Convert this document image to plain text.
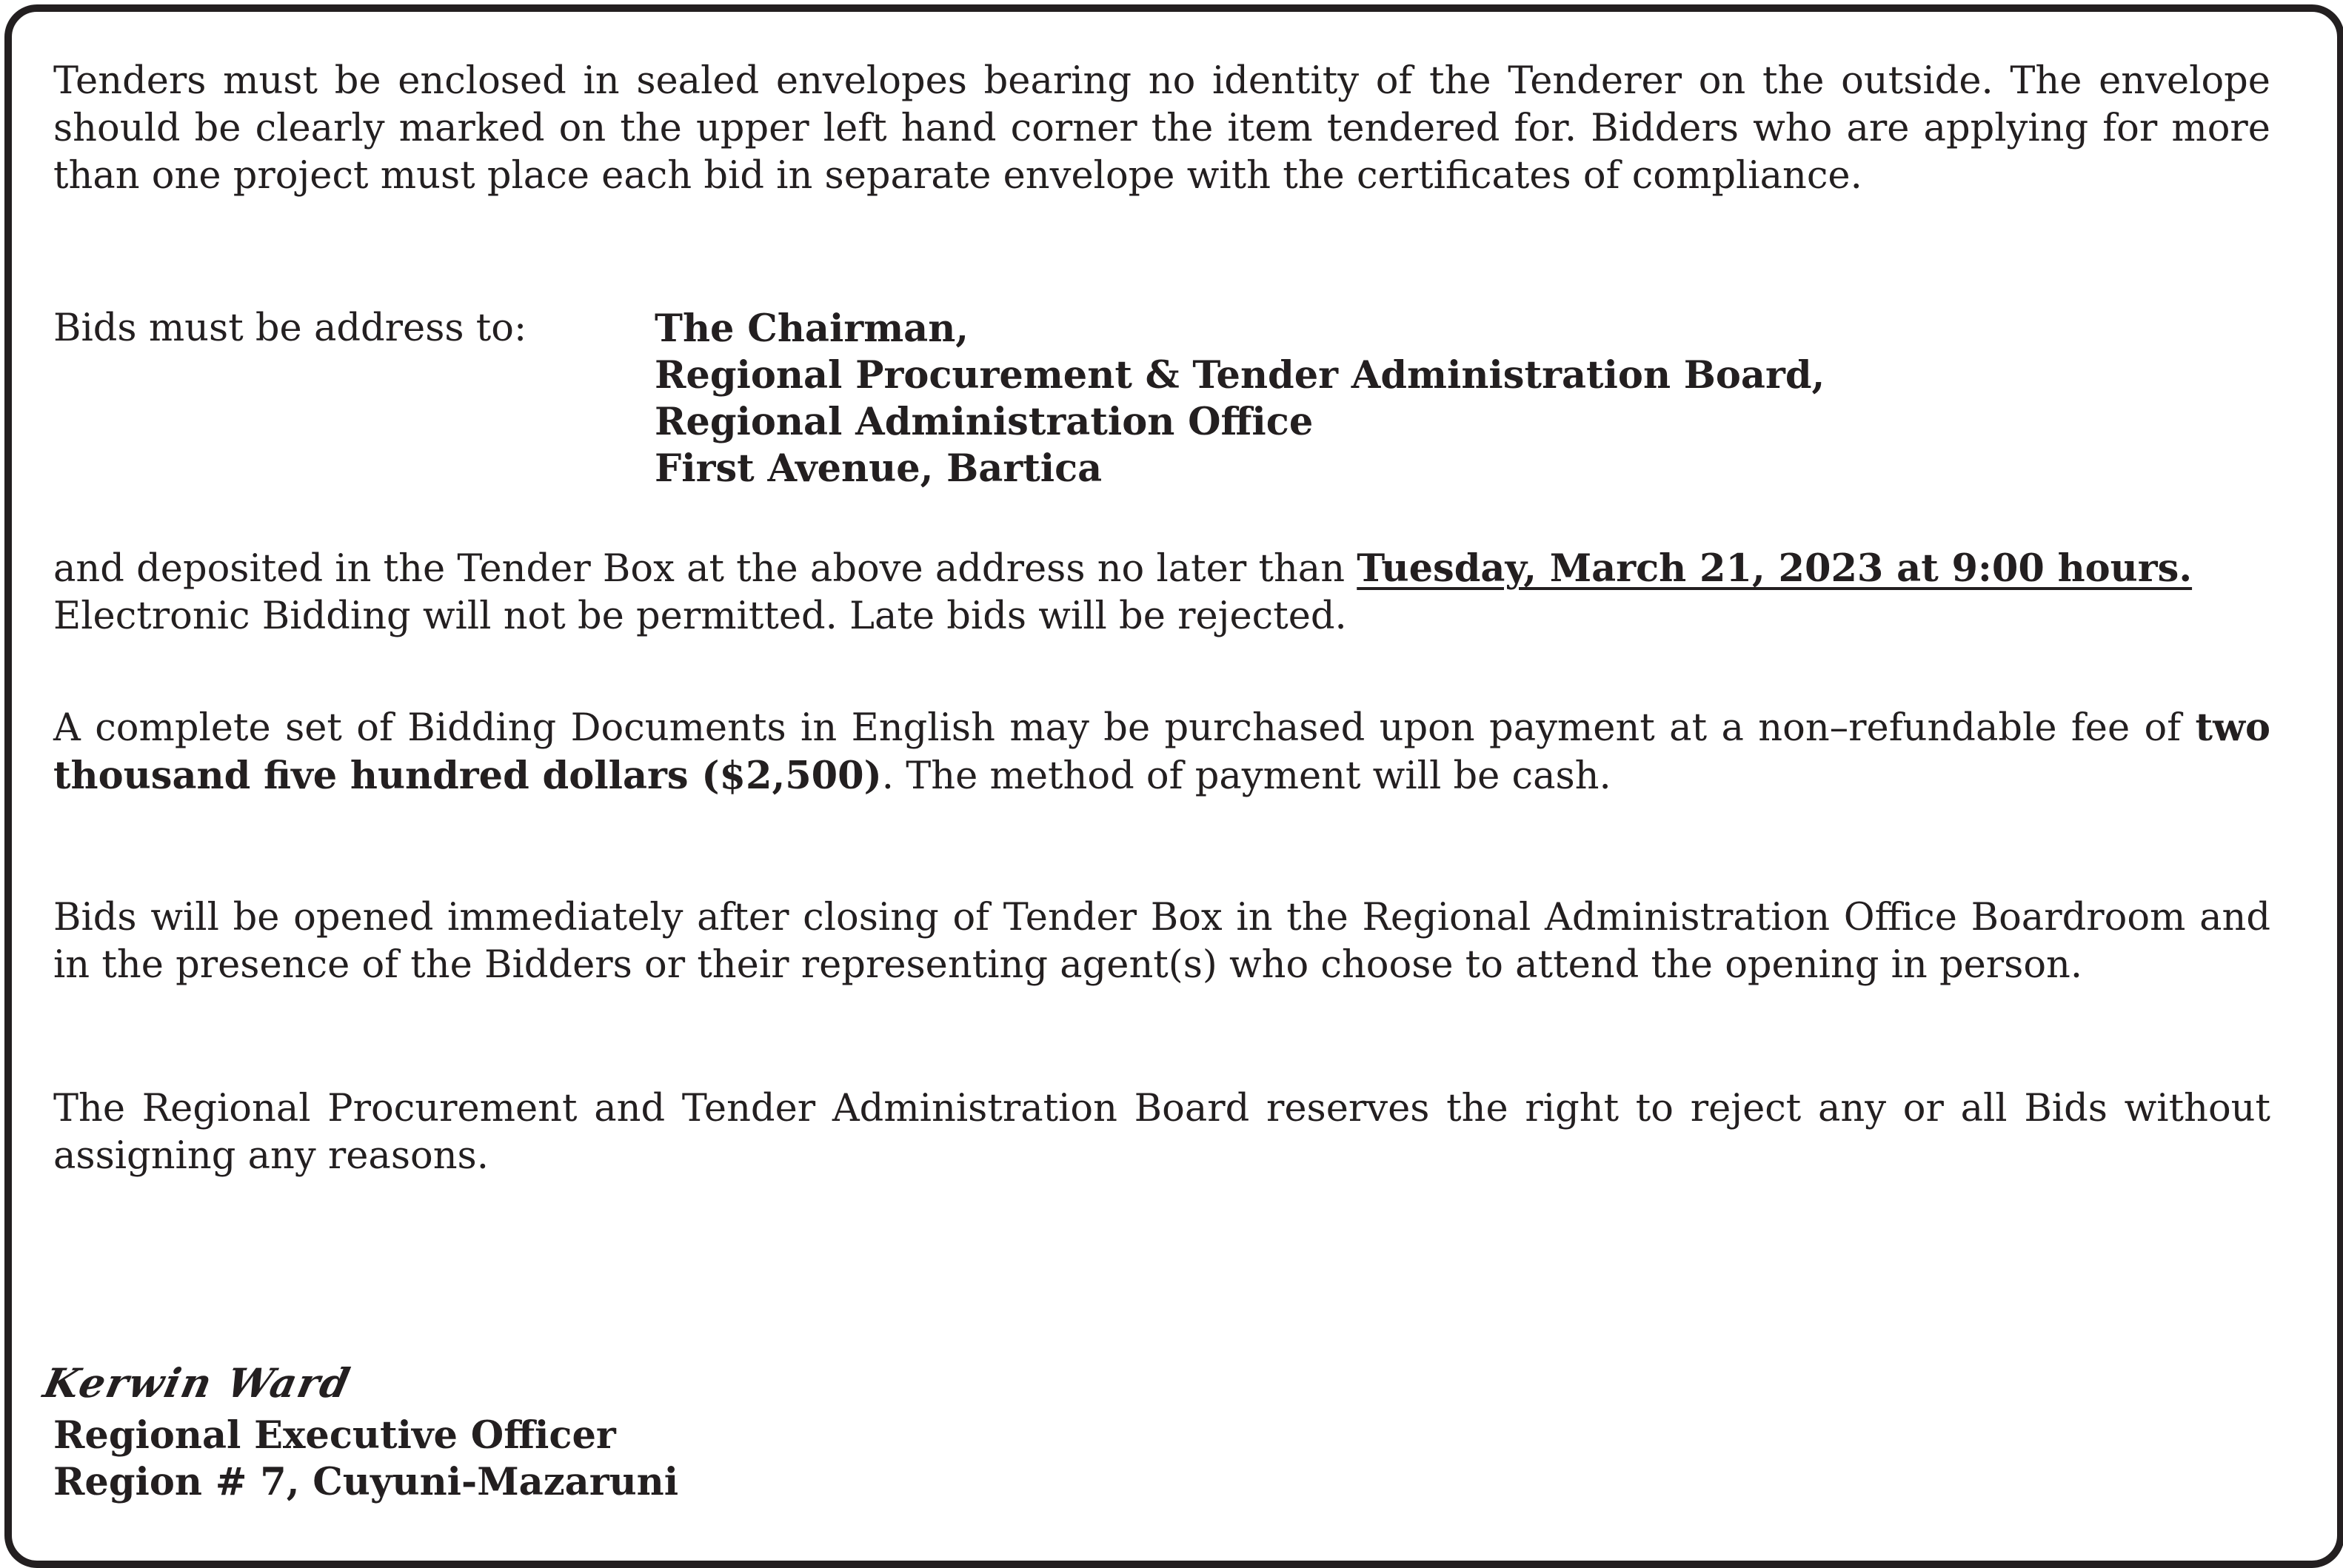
Tenders must be enclosed in sealed envelopes bearing no identity of the Tenderer on the outside. The envelope should be clearly marked on the upper left hand corner the item tendered for. Bidders who are applying for more than one project must place each bid in separate envelope with the certificates of compliance.

Bids must be address to:	The Chairman,
Regional Procurement & Tender Administration Board,
Regional Administration Office
First Avenue, Bartica

and deposited in the Tender Box at the above address no later than Tuesday, March 21, 2023 at 9:00 hours. Electronic Bidding will not be permitted. Late bids will be rejected.

A complete set of Bidding Documents in English may be purchased upon payment at a non–refundable fee of two thousand five hundred dollars ($2,500). The method of payment will be cash.

Bids will be opened immediately after closing of Tender Box in the Regional Administration Office Boardroom and in the presence of the Bidders or their representing agent(s) who choose to attend the opening in person.

The Regional Procurement and Tender Administration Board reserves the right to reject any or all Bids without assigning any reasons.

Kerwin Ward
Regional Executive Officer
Region # 7, Cuyuni-Mazaruni
